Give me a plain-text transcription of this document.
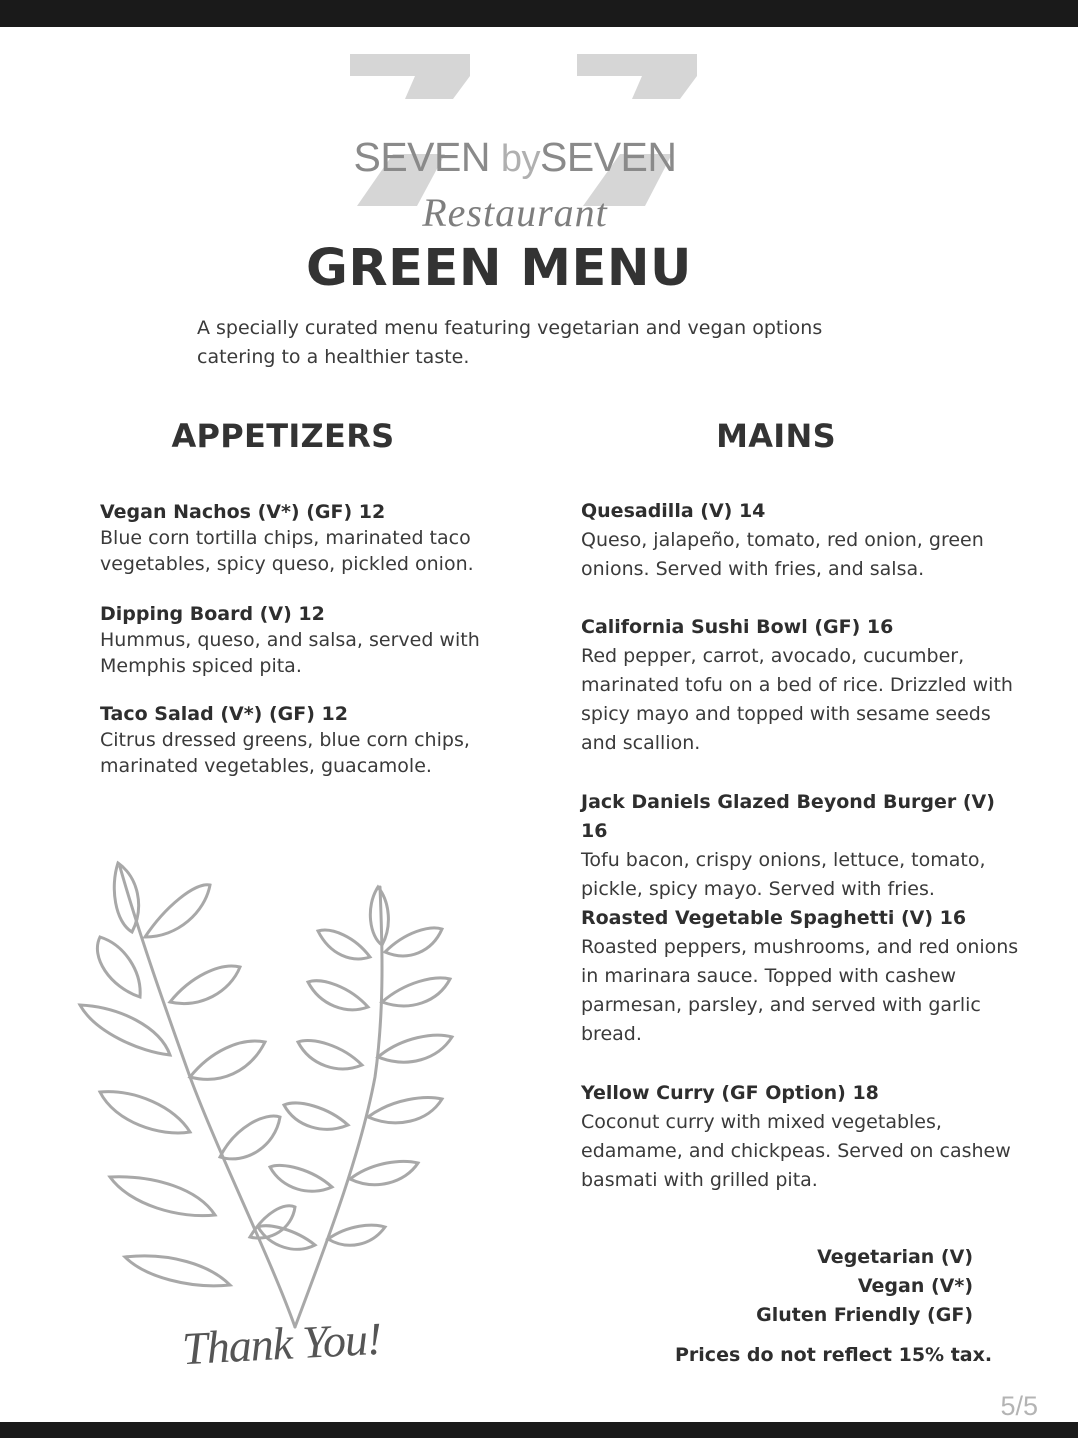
SEVEN bySEVEN
Restaurant
GREEN MENU
A specially curated menu featuring vegetarian and vegan options catering to a healthier taste.
APPETIZERS
Vegan Nachos (V*) (GF) 12
Blue corn tortilla chips, marinated taco vegetables, spicy queso, pickled onion.
Dipping Board (V) 12
Hummus, queso, and salsa, served with Memphis spiced pita.
Taco Salad (V*) (GF) 12
Citrus dressed greens, blue corn chips, marinated vegetables, guacamole.
MAINS
Quesadilla (V) 14
Queso, jalapeño, tomato, red onion, green onions. Served with fries, and salsa.
California Sushi Bowl (GF) 16
Red pepper, carrot, avocado, cucumber, marinated tofu on a bed of rice. Drizzled with spicy mayo and topped with sesame seeds and scallion.
Jack Daniels Glazed Beyond Burger (V) 16
Tofu bacon, crispy onions, lettuce, tomato, pickle, spicy mayo. Served with fries.
Roasted Vegetable Spaghetti (V) 16
Roasted peppers, mushrooms, and red onions in marinara sauce. Topped with cashew parmesan, parsley, and served with garlic bread.
Yellow Curry (GF Option) 18
Coconut curry with mixed vegetables, edamame, and chickpeas. Served on cashew basmati with grilled pita.
Thank You!
Vegetarian (V)
Vegan (V*)
Gluten Friendly (GF)
Prices do not reflect 15% tax.
5/5
